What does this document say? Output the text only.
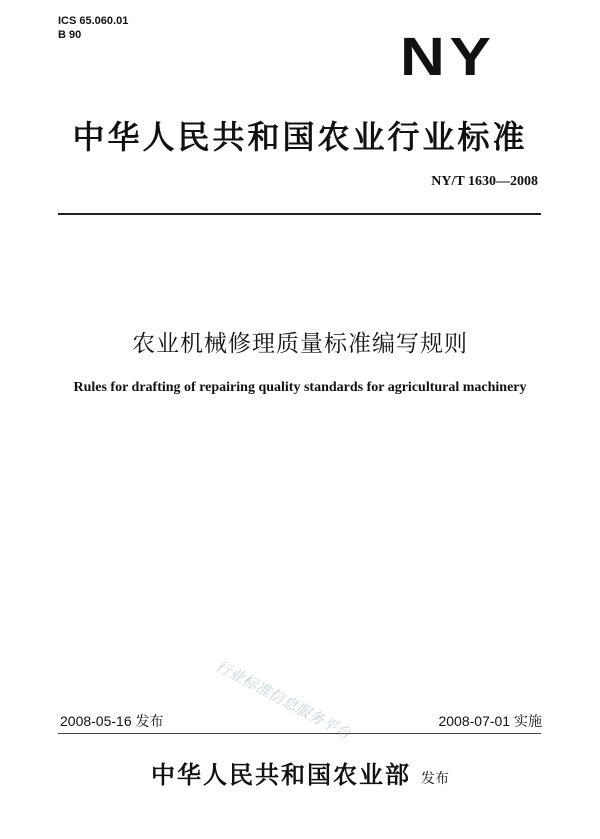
ICS 65.060.01
B 90	NY
中华人民共和国农业行业标准
NY/T 1630—2008
农业机械修理质量标准编写规则
Rules for drafting of repairing quality standards for agricultural machinery
行业标准信息服务平台
2008-05-16 发布	2008-07-01 实施
中华人民共和国农业部 发布
